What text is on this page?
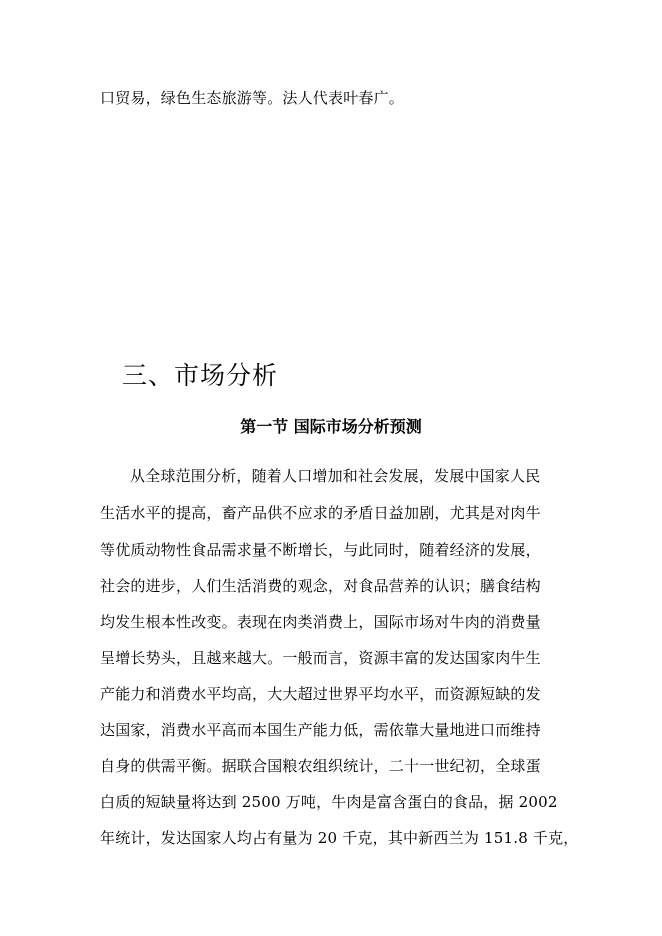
口贸易，绿色生态旅游等。法人代表叶春广。
三、市场分析
第一节 国际市场分析预测
从全球范围分析，随着人口增加和社会发展，发展中国家人民
生活水平的提高，畜产品供不应求的矛盾日益加剧，尤其是对肉牛
等优质动物性食品需求量不断增长，与此同时，随着经济的发展，
社会的进步，人们生活消费的观念，对食品营养的认识；膳食结构
均发生根本性改变。表现在肉类消费上，国际市场对牛肉的消费量
呈增长势头，且越来越大。一般而言，资源丰富的发达国家肉牛生
产能力和消费水平均高，大大超过世界平均水平，而资源短缺的发
达国家，消费水平高而本国生产能力低，需依靠大量地进口而维持
自身的供需平衡。据联合国粮农组织统计，二十一世纪初，全球蛋
白质的短缺量将达到 2500 万吨，牛肉是富含蛋白的食品，据 2002
年统计，发达国家人均占有量为 20 千克，其中新西兰为 151.8 千克，
